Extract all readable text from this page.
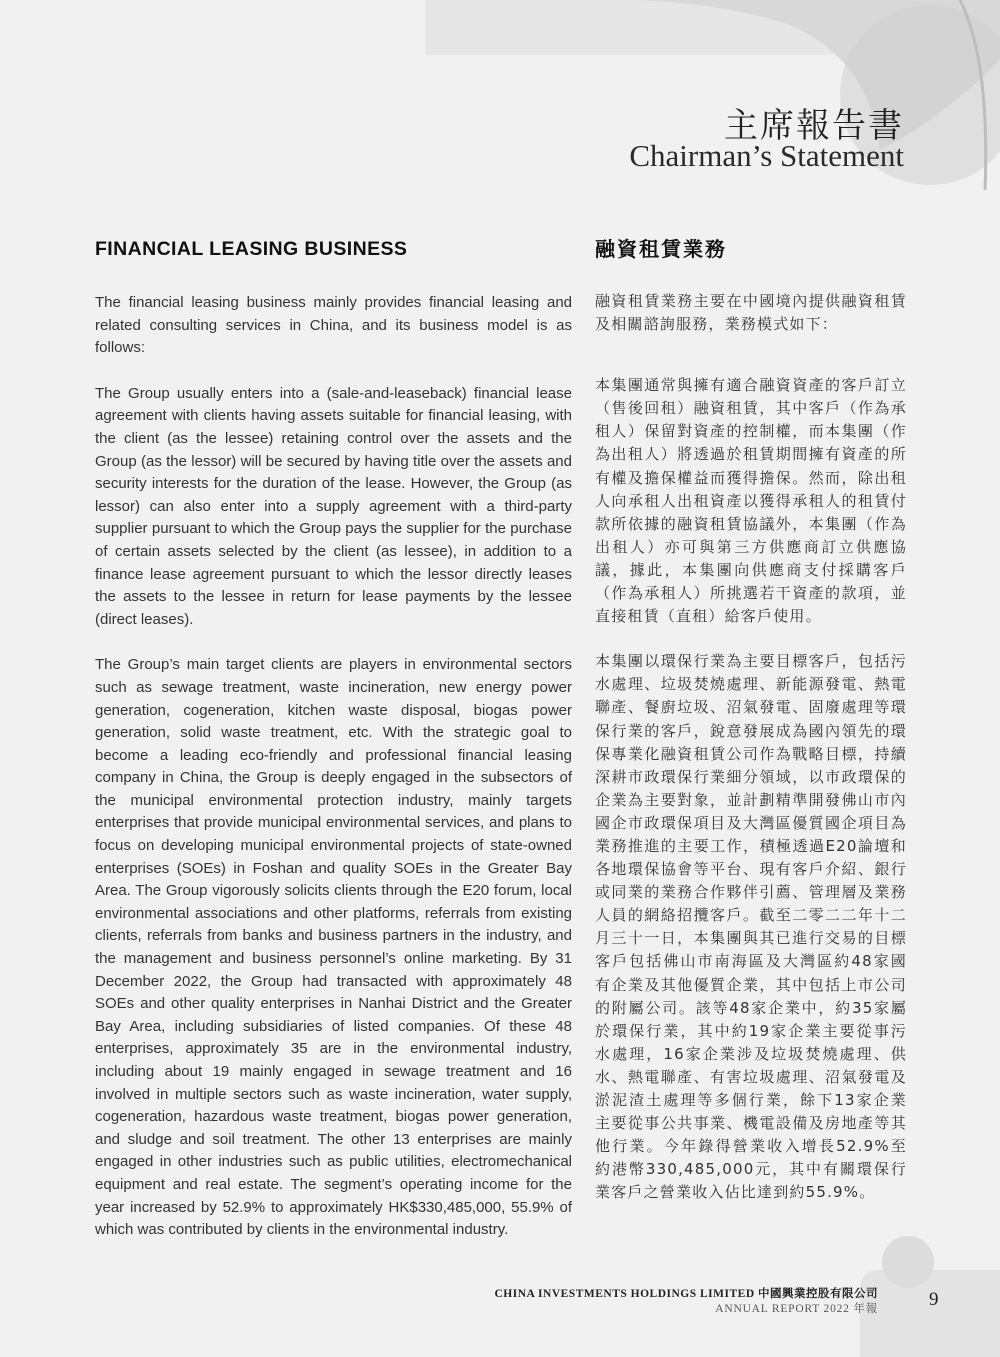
主席報告書
Chairman’s Statement
FINANCIAL LEASING BUSINESS

The financial leasing business mainly provides financial leasing and related consulting services in China, and its business model is as follows:

The Group usually enters into a (sale-and-leaseback) financial lease agreement with clients having assets suitable for financial leasing, with the client (as the lessee) retaining control over the assets and the Group (as the lessor) will be secured by having title over the assets and security interests for the duration of the lease. However, the Group (as lessor) can also enter into a supply agreement with a third-party supplier pursuant to which the Group pays the supplier for the purchase of certain assets selected by the client (as lessee), in addition to a finance lease agreement pursuant to which the lessor directly leases the assets to the lessee in return for lease payments by the lessee (direct leases).

The Group’s main target clients are players in environmental sectors such as sewage treatment, waste incineration, new energy power generation, cogeneration, kitchen waste disposal, biogas power generation, solid waste treatment, etc. With the strategic goal to become a leading eco-friendly and professional financial leasing company in China, the Group is deeply engaged in the subsectors of the municipal environmental protection industry, mainly targets enterprises that provide municipal environmental services, and plans to focus on developing municipal environmental projects of state-owned enterprises (SOEs) in Foshan and quality SOEs in the Greater Bay Area. The Group vigorously solicits clients through the E20 forum, local environmental associations and other platforms, referrals from existing clients, referrals from banks and business partners in the industry, and the management and business personnel’s online marketing. By 31 December 2022, the Group had transacted with approximately 48 SOEs and other quality enterprises in Nanhai District and the Greater Bay Area, including subsidiaries of listed companies. Of these 48 enterprises, approximately 35 are in the environmental industry, including about 19 mainly engaged in sewage treatment and 16 involved in multiple sectors such as waste incineration, water supply, cogeneration, hazardous waste treatment, biogas power generation, and sludge and soil treatment. The other 13 enterprises are mainly engaged in other industries such as public utilities, electromechanical equipment and real estate. The segment’s operating income for the year increased by 52.9% to approximately HK$330,485,000, 55.9% of which was contributed by clients in the environmental industry.

融資租賃業務

融資租賃業務主要在中國境內提供融資租賃及相關諮詢服務，業務模式如下：

本集團通常與擁有適合融資資產的客戶訂立（售後回租）融資租賃，其中客戶（作為承租人）保留對資產的控制權，而本集團（作為出租人）將透過於租賃期間擁有資產的所有權及擔保權益而獲得擔保。然而，除出租人向承租人出租資產以獲得承租人的租賃付款所依據的融資租賃協議外，本集團（作為出租人）亦可與第三方供應商訂立供應協議，據此，本集團向供應商支付採購客戶（作為承租人）所挑選若干資產的款項，並直接租賃（直租）給客戶使用。

本集團以環保行業為主要目標客戶，包括污水處理、垃圾焚燒處理、新能源發電、熱電聯產、餐廚垃圾、沼氣發電、固廢處理等環保行業的客戶，銳意發展成為國內領先的環保專業化融資租賃公司作為戰略目標，持續深耕市政環保行業細分領域，以市政環保的企業為主要對象，並計劃精準開發佛山市內國企市政環保項目及大灣區優質國企項目為業務推進的主要工作，積極透過E20論壇和各地環保協會等平台、現有客戶介紹、銀行或同業的業務合作夥伴引薦、管理層及業務人員的網絡招攬客戶。截至二零二二年十二月三十一日，本集團與其已進行交易的目標客戶包括佛山市南海區及大灣區約48家國有企業及其他優質企業，其中包括上市公司的附屬公司。該等48家企業中，約35家屬於環保行業，其中約19家企業主要從事污水處理，16家企業涉及垃圾焚燒處理、供水、熱電聯產、有害垃圾處理、沼氣發電及淤泥渣土處理等多個行業，餘下13家企業主要從事公共事業、機電設備及房地產等其他行業。今年錄得營業收入增長52.9%至約港幣330,485,000元，其中有關環保行業客戶之營業收入佔比達到約55.9%。

CHINA INVESTMENTS HOLDINGS LIMITED 中國興業控股有限公司
ANNUAL REPORT 2022 年報	9
